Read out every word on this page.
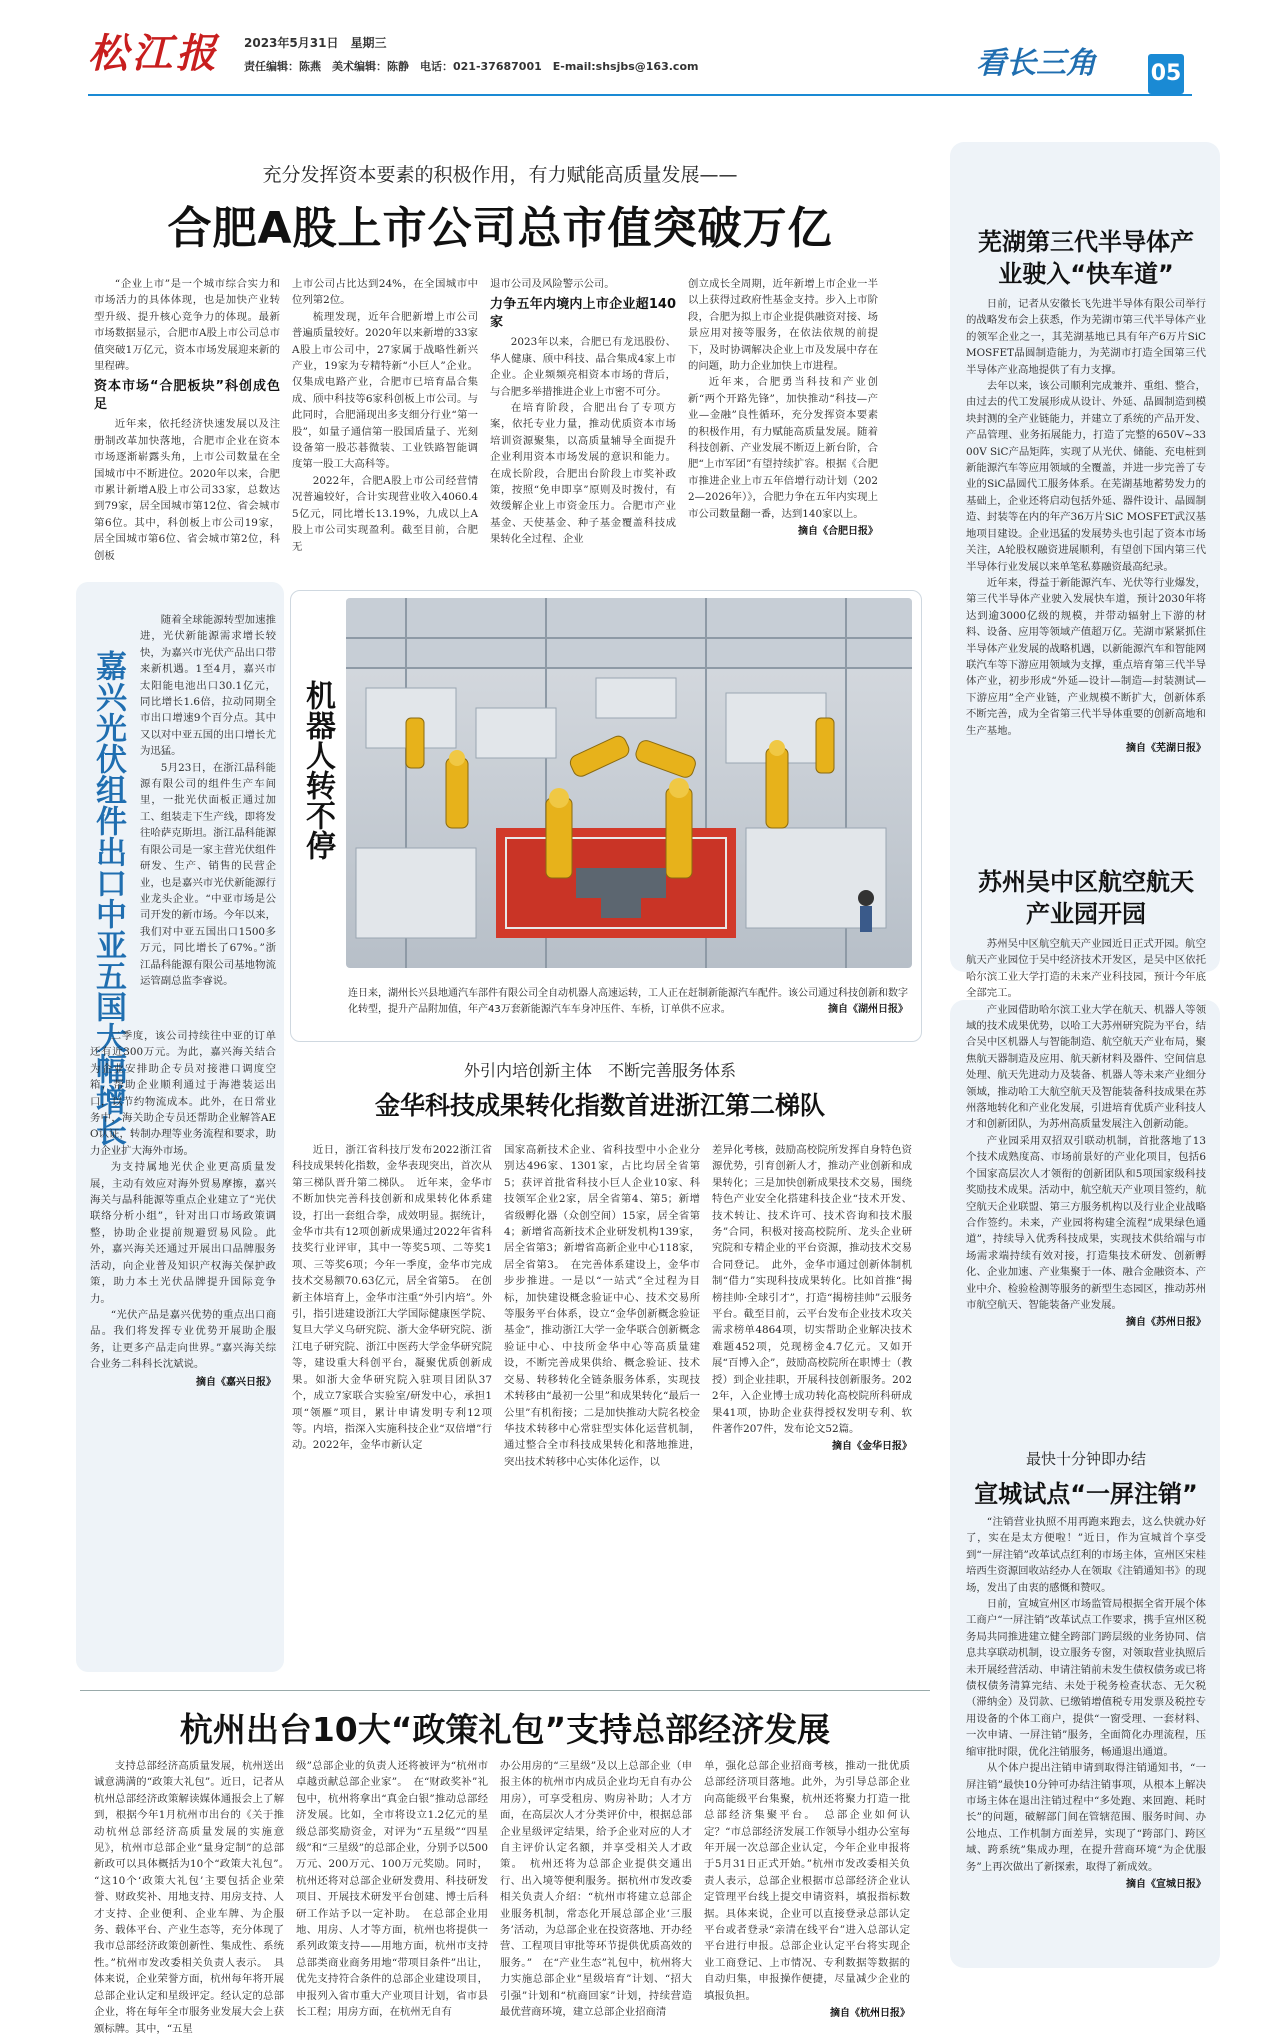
松江报 2023年5月31日　星期三
责任编辑：陈燕　美术编辑：陈静　电话：021-37687001　E-mail:shsjbs@163.com	看长三角 05
充分发挥资本要素的积极作用，有力赋能高质量发展——
合肥A股上市公司总市值突破万亿

“企业上市”是一个城市综合实力和市场活力的具体体现，也是加快产业转型升级、提升核心竞争力的体现。最新市场数据显示，合肥市A股上市公司总市值突破1万亿元，资本市场发展迎来新的里程碑。

资本市场“合肥板块”科创成色足

近年来，依托经济快速发展以及注册制改革加快落地，合肥市企业在资本市场逐渐崭露头角，上市公司数量在全国城市中不断进位。2020年以来，合肥市累计新增A股上市公司33家，总数达到79家，居全国城市第12位、省会城市第6位。其中，科创板上市公司19家，居全国城市第6位、省会城市第2位，科创板

上市公司占比达到24%，在全国城市中位列第2位。

梳理发现，近年合肥新增上市公司普遍质量较好。2020年以来新增的33家A股上市公司中，27家属于战略性新兴产业，19家为专精特新“小巨人”企业。仅集成电路产业，合肥市已培育晶合集成、颀中科技等6家科创板上市公司。与此同时，合肥涌现出多支细分行业“第一股”，如量子通信第一股国盾量子、光刻设备第一股芯碁微装、工业铁路智能调度第一股工大高科等。

2022年，合肥A股上市公司经营情况普遍较好，合计实现营业收入4060.45亿元，同比增长13.19%，九成以上A股上市公司实现盈利。截至目前，合肥无

退市公司及风险警示公司。

力争五年内境内上市企业超140家

2023年以来，合肥已有龙迅股份、华人健康、颀中科技、晶合集成4家上市企业。企业频频亮相资本市场的背后，与合肥多举措推进企业上市密不可分。

在培育阶段，合肥出台了专项方案，依托专业力量，推动优质资本市场培训资源聚集，以高质量辅导全面提升企业利用资本市场发展的意识和能力。在成长阶段，合肥出台阶段上市奖补政策，按照“免申即享”原则及时拨付，有效缓解企业上市资金压力。合肥市产业基金、天使基金、种子基金覆盖科技成果转化全过程、企业

创立成长全周期，近年新增上市企业一半以上获得过政府性基金支持。步入上市阶段，合肥为拟上市企业提供融资对接、场景应用对接等服务，在依法依规的前提下，及时协调解决企业上市及发展中存在的问题，助力企业加快上市进程。

近年来，合肥勇当科技和产业创新“两个开路先锋”，加快推动“科技—产业—金融”良性循环，充分发挥资本要素的积极作用，有力赋能高质量发展。随着科技创新、产业发展不断迈上新台阶，合肥“上市军团”有望持续扩容。根据《合肥市推进企业上市五年倍增行动计划（2022—2026年）》，合肥力争在五年内实现上市公司数量翻一番，达到140家以上。

摘自《合肥日报》
嘉兴光伏组件出口中亚五国大幅增长

随着全球能源转型加速推进，光伏新能源需求增长较快，为嘉兴市光伏产品出口带来新机遇。1至4月，嘉兴市太阳能电池出口30.1亿元，同比增长1.6倍，拉动同期全市出口增速9个百分点。其中又以对中亚五国的出口增长尤为迅猛。

5月23日，在浙江晶科能源有限公司的组件生产车间里，一批光伏面板正通过加工、组装走下生产线，即将发往哈萨克斯坦。浙江晶科能源有限公司是一家主营光伏组件研发、生产、销售的民营企业，也是嘉兴市光伏新能源行业龙头企业。“中亚市场是公司开发的新市场。今年以来，我们对中亚五国出口1500多万元，同比增长了67%。”浙江晶科能源有限公司基地物流运管副总监李睿说。

二季度，该公司持续往中亚的订单还有近300万元。为此，嘉兴海关结合为企业安排助企专员对接港口调度空箱，帮助企业顺利通过于海港装运出口，以节约物流成本。此外，在日常业务中，海关助企专员还帮助企业解答AEO认证，转制办理等业务流程和要求，助力企业扩大海外市场。

为支持属地光伏企业更高质量发展，主动有效应对海外贸易摩擦，嘉兴海关与晶科能源等重点企业建立了“光伏联络分析小组”，针对出口市场政策调整，协助企业提前规避贸易风险。此外，嘉兴海关还通过开展出口品牌服务活动，向企业普及知识产权海关保护政策，助力本土光伏品牌提升国际竞争力。

“光伏产品是嘉兴优势的重点出口商品。我们将发挥专业优势开展助企服务，让更多产品走向世界。”嘉兴海关综合业务二科科长沈斌说。

摘自《嘉兴日报》
机器人转不停
连日来，湖州长兴县地通汽车部件有限公司全自动机器人高速运转，工人正在赶制新能源汽车配件。该公司通过科技创新和数字化转型，提升产品附加值，年产43万套新能源汽车车身冲压件、车桥，订单供不应求。	摘自《湖州日报》
外引内培创新主体　不断完善服务体系
金华科技成果转化指数首进浙江第二梯队

近日，浙江省科技厅发布2022浙江省科技成果转化指数，金华表现突出，首次从第三梯队晋升第二梯队。　近年来，金华市不断加快完善科技创新和成果转化体系建设，打出一套组合拳，成效明显。据统计，金华市共有12项创新成果通过2022年省科技奖行业评审，其中一等奖5项、二等奖1项、三等奖6项；今年一季度，金华市完成技术交易额70.63亿元，居全省第5。　在创新主体培育上，金华市注重“外引内培”。外引，指引进建设浙江大学国际健康医学院、复旦大学义乌研究院、浙大金华研究院、浙江电子研究院、浙江中医药大学金华研究院等，建设重大科创平台，凝聚优质创新成果。如浙大金华研究院入驻项目团队37个，成立7家联合实验室/研发中心，承担1项“领雁”项目，累计申请发明专利12项等。内培，指深入实施科技企业“双倍增”行动。2022年，金华市新认定

国家高新技术企业、省科技型中小企业分别达496家、1301家，占比均居全省第5；获评首批省科技小巨人企业10家、科技领军企业2家，居全省第4、第5；新增省级孵化器（众创空间）15家，居全省第4；新增省高新技术企业研发机构139家，居全省第3；新增省高新企业中心118家，居全省第3。　在完善体系建设上，金华市步步推进。一是以“一站式”全过程为目标，加快建设概念验证中心、技术交易所等服务平台体系，设立“金华创新概念验证基金”，推动浙江大学一金华联合创新概念验证中心、中技所金华中心等高质量建设，不断完善成果供给、概念验证、技术交易、转移转化全链条服务体系，实现技术转移由“最初一公里”和成果转化“最后一公里”有机衔接；二是加快推动大院名校金华技术转移中心常驻型实体化运营机制，通过整合全市科技成果转化和落地推进，突出技术转移中心实体化运作，以

差异化考核，鼓励高校院所发挥自身特色资源优势，引育创新人才，推动产业创新和成果转化；三是加快创新成果技术交易，围绕特色产业安全化搭建科技企业“技术开发、技术转让、技术许可、技术咨询和技术服务”合同，积极对接高校院所、龙头企业研究院和专精企业的平台资源，推动技术交易合同登记。　此外，金华市通过创新体制机制“借力”实现科技成果转化。比如首推“揭榜挂帅·全球引才”，打造“揭榜挂帅”云服务平台。截至目前，云平台发布企业技术攻关需求榜单4864项，切实帮助企业解决技术难题452项，兑现榜金4.7亿元。又如开展“百博入企”，鼓励高校院所在职博士（教授）到企业挂职，开展科技创新服务。2022年，入企业博士成功转化高校院所科研成果41项，协助企业获得授权发明专利、软件著作207件，发布论文52篇。

摘自《金华日报》
杭州出台10大“政策礼包”支持总部经济发展

支持总部经济高质量发展，杭州送出诚意满满的“政策大礼包”。近日，记者从杭州总部经济政策解读媒体通报会上了解到，根据今年1月杭州市出台的《关于推动杭州总部经济高质量发展的实施意见》，杭州市总部企业“量身定制”的总部新政可以具体概括为10个“政策大礼包”。　“这10个‘政策大礼包’主要包括企业荣誉、财政奖补、用地支持、用房支持、人才支持、企业便利、企业车牌、为企服务、载体平台、产业生态等，充分体现了我市总部经济政策创新性、集成性、系统性。”杭州市发改委相关负责人表示。　具体来说，企业荣誉方面，杭州每年将开展总部企业认定和星级评定。经认定的总部企业，将在每年全市服务业发展大会上获颁标牌。其中，“五星

级”总部企业的负责人还将被评为“杭州市卓越贡献总部企业家”。　在“财政奖补”礼包中，杭州将拿出“真金白银”推动总部经济发展。比如，全市将设立1.2亿元的星级总部奖励资金，对评为“五星级”“四星级”和“三星级”的总部企业，分别予以500万元、200万元、100万元奖励。同时，杭州还将对总部企业研发费用、科技研发项目、开展技术研发平台创建、博士后科研工作站予以一定补助。　在总部企业用地、用房、人才等方面，杭州也将提供一系列政策支持——用地方面，杭州市支持总部类商业商务用地“带项目条件”出让，优先支持符合条件的总部企业建设项目，申报列入省市重大产业项目计划，省市县长工程；用房方面，在杭州无自有

办公用房的“三星级”及以上总部企业（申报主体的杭州市内成员企业均无自有办公用房），可享受租房、购房补助；人才方面，在高层次人才分类评价中，根据总部企业星级评定结果，给予企业对应的人才自主评价认定名额，并享受相关人才政策。　杭州还将为总部企业提供交通出行、出入境等便利服务。据杭州市发改委相关负责人介绍：“杭州市将建立总部企业服务机制，常态化开展总部企业‘三服务’活动，为总部企业在投资落地、开办经营、工程项目审批等环节提供优质高效的服务。”　在“产业生态”礼包中，杭州将大力实施总部企业“星级培育”计划、“招大引强”计划和“杭商回家”计划，持续营造最优营商环境，建立总部企业招商清

单，强化总部企业招商考核，推动一批优质总部经济项目落地。此外，为引导总部企业向高能级平台集聚，杭州还将聚力打造一批总部经济集聚平台。　总部企业如何认定？“市总部经济发展工作领导小组办公室每年开展一次总部企业认定，今年企业申报将于5月31日正式开始。”杭州市发改委相关负责人表示，总部企业根据市总部经济企业认定管理平台线上提交申请资料，填报指标数据。具体来说，企业可以直接登录总部认定平台或者登录“亲清在线平台”进入总部认定平台进行申报。总部企业认定平台将实现企业工商登记、上市情况、专利数据等数据的自动归集，申报操作便捷，尽量减少企业的填报负担。

摘自《杭州日报》
芜湖第三代半导体产业驶入“快车道”

日前，记者从安徽长飞先进半导体有限公司举行的战略发布会上获悉，作为芜湖市第三代半导体产业的领军企业之一，其芜湖基地已具有年产6万片SiC MOSFET晶圆制造能力，为芜湖市打造全国第三代半导体产业高地提供了有力支撑。

去年以来，该公司顺利完成兼并、重组、整合，由过去的代工发展形成从设计、外延、晶圆制造到模块封测的全产业链能力，并建立了系统的产品开发、产品管理、业务拓展能力，打造了完整的650V~3300V SiC产品矩阵，实现了从光伏、储能、充电桩到新能源汽车等应用领域的全覆盖，并进一步完善了专业的SiC晶圆代工服务体系。在芜湖基地蓄势发力的基础上，企业还将启动包括外延、器件设计、晶圆制造、封装等在内的年产36万片SiC MOSFET武汉基地项目建设。企业迅猛的发展势头也引起了资本市场关注，A轮股权融资进展顺利，有望创下国内第三代半导体行业发展以来单笔私募融资最高纪录。

近年来，得益于新能源汽车、光伏等行业爆发，第三代半导体产业驶入发展快车道，预计2030年将达到逾3000亿级的规模，并带动辐射上下游的材料、设备、应用等领域产值超万亿。芜湖市紧紧抓住半导体产业发展的战略机遇，以新能源汽车和智能网联汽车等下游应用领域为支撑，重点培育第三代半导体产业，初步形成“外延—设计—制造—封装测试—下游应用”全产业链，产业规模不断扩大，创新体系不断完善，成为全省第三代半导体重要的创新高地和生产基地。

摘自《芜湖日报》
苏州吴中区航空航天产业园开园

苏州吴中区航空航天产业园近日正式开园。航空航天产业园位于吴中经济技术开发区，是吴中区依托哈尔滨工业大学打造的未来产业科技园，预计今年底全部完工。

产业园借助哈尔滨工业大学在航天、机器人等领域的技术成果优势，以哈工大苏州研究院为平台，结合吴中区机器人与智能制造、航空航天产业布局，聚焦航天器制造及应用、航天新材料及器件、空间信息处理、航天先进动力及装备、机器人等未来产业细分领域，推动哈工大航空航天及智能装备科技成果在苏州落地转化和产业化发展，引进培育优质产业科技人才和创新团队，为苏州高质量发展注入创新动能。

产业园采用双招双引联动机制，首批落地了13个技术成熟度高、市场前景好的产业化项目，包括6个国家高层次人才领衔的创新团队和5项国家级科技奖励技术成果。活动中，航空航天产业项目签约，航空航天企业联盟、第三方服务机构以及行业企业战略合作签约。未来，产业园将构建全流程“成果绿色通道”，持续导入优秀科技成果，实现技术供给端与市场需求端持续有效对接，打造集技术研发、创新孵化、企业加速、产业集聚于一体、融合金融资本、产业中介、检验检测等服务的新型生态园区，推动苏州市航空航天、智能装备产业发展。

摘自《苏州日报》
最快十分钟即办结
宣城试点“一屏注销”

“注销营业执照不用再跑来跑去，这么快就办好了，实在是太方便啦！”近日，作为宣城首个享受到“一屏注销”改革试点红利的市场主体，宣州区宋桂培西生资源回收站经办人在领取《注销通知书》的现场，发出了由衷的感慨和赞叹。

日前，宣城宣州区市场监管局根据全省开展个体工商户“一屏注销”改革试点工作要求，携手宣州区税务局共同推进建立健全跨部门跨层级的业务协同、信息共享联动机制，设立服务专窗，对领取营业执照后未开展经营活动、申请注销前未发生债权债务或已将债权债务清算完结、未处于税务检查状态、无欠税（滞纳金）及罚款、已缴销增值税专用发票及税控专用设备的个体工商户，提供“一窗受理、一套材料、一次申请、一屏注销”服务，全面简化办理流程，压缩审批时限，优化注销服务，畅通退出通道。

从个体户提出注销申请到取得注销通知书，“一屏注销”最快10分钟可办结注销事项，从根本上解决市场主体在退出注销过程中“多处跑、来回跑、耗时长”的问题，破解部门间在管辖范围、服务时间、办公地点、工作机制方面差异，实现了“跨部门、跨区域、跨系统”集成办理，在提升营商环境“为企优服务”上再次做出了新探索，取得了新成效。

摘自《宣城日报》
